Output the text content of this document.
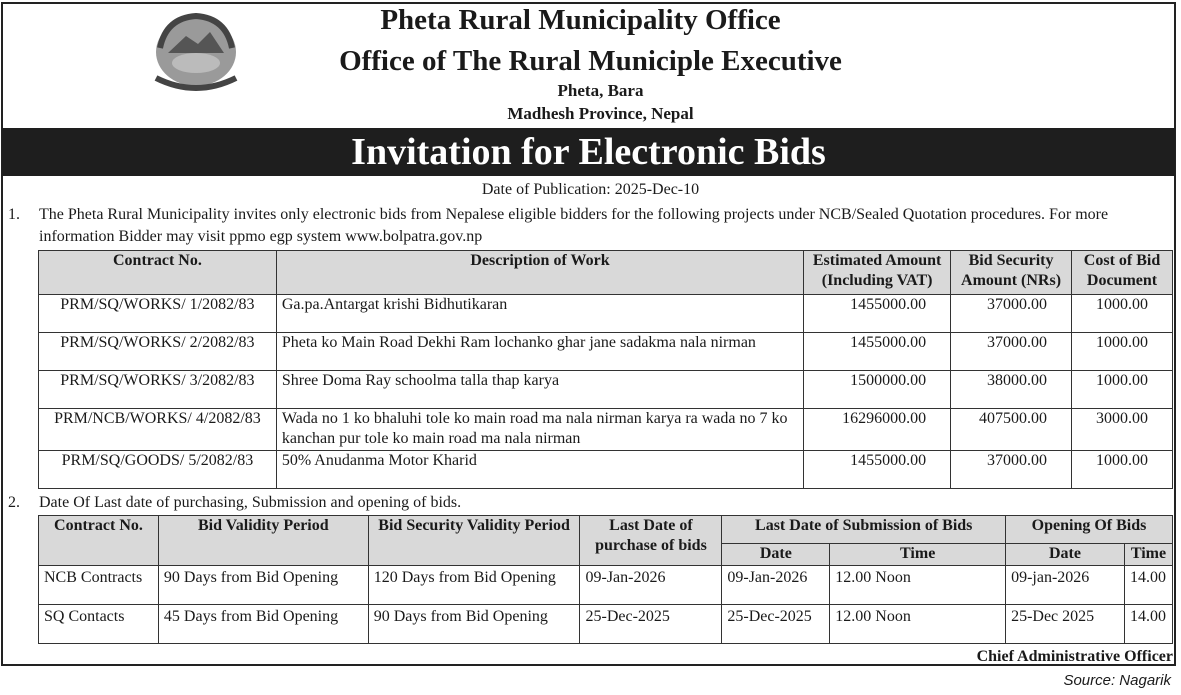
Pheta Rural Municipality Office
Office of The Rural Municiple Executive
Pheta, Bara
Madhesh Province, Nepal
Invitation for Electronic Bids
Date of Publication: 2025-Dec-10
1. The Pheta Rural Municipality invites only electronic bids from Nepalese eligible bidders for the following projects under NCB/Sealed Quotation procedures. For more information Bidder may visit ppmo egp system www.bolpatra.gov.np
Contract No.	Description of Work	Estimated Amount (Including VAT)	Bid Security Amount (NRs)	Cost of Bid Document
PRM/SQ/WORKS/ 1/2082/83	Ga.pa.Antargat krishi Bidhutikaran	1455000.00	37000.00	1000.00
PRM/SQ/WORKS/ 2/2082/83	Pheta ko Main Road Dekhi Ram lochanko ghar jane sadakma nala nirman	1455000.00	37000.00	1000.00
PRM/SQ/WORKS/ 3/2082/83	Shree Doma Ray schoolma talla thap karya	1500000.00	38000.00	1000.00
PRM/NCB/WORKS/ 4/2082/83	Wada no 1 ko bhaluhi tole ko main road ma nala nirman karya ra wada no 7 ko kanchan pur tole ko main road ma nala nirman	16296000.00	407500.00	3000.00
PRM/SQ/GOODS/ 5/2082/83	50% Anudanma Motor Kharid	1455000.00	37000.00	1000.00
2. Date Of Last date of purchasing, Submission and opening of bids.
Contract No.	Bid Validity Period	Bid Security Validity Period	Last Date of purchase of bids	Last Date of Submission of Bids		Opening Of Bids	
				Date	Time	Date	Time
NCB Contracts	90 Days from Bid Opening	120 Days from Bid Opening	09-Jan-2026	09-Jan-2026	12.00 Noon	09-jan-2026	14.00
SQ Contacts	45 Days from Bid Opening	90 Days from Bid Opening	25-Dec-2025	25-Dec-2025	12.00 Noon	25-Dec 2025	14.00
Chief Administrative Officer
Source: Nagarik
